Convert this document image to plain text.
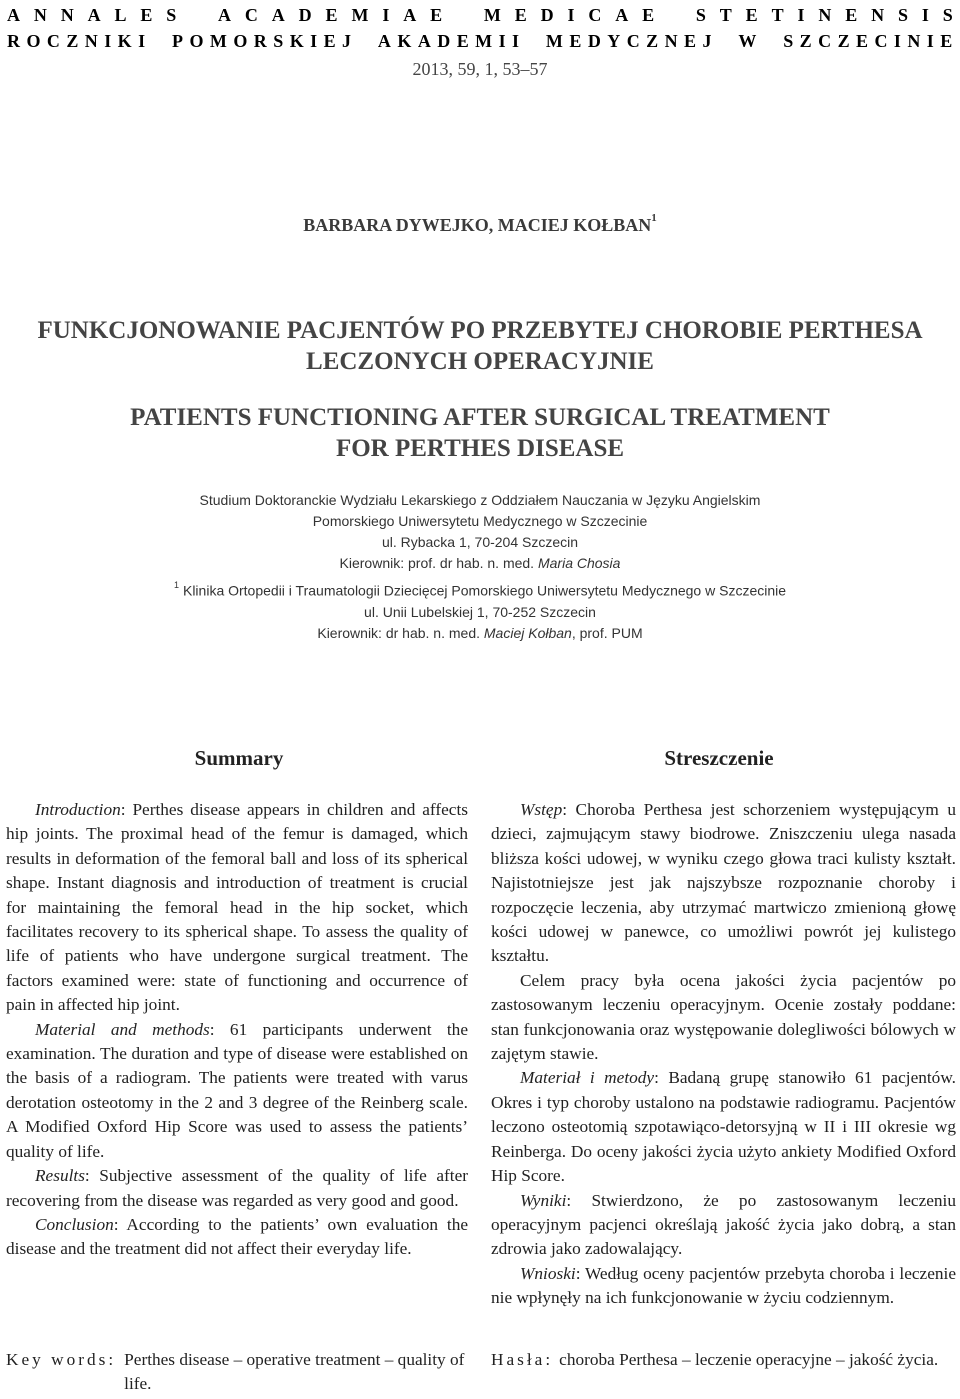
A N N A L E S
A C A D E M I A E
M E D I C A E
S T E T I N E N S I S
R O C Z N I K I
P O M O R S K I E J
A K A D E M I I
M E D Y C Z N E J
W
S Z C Z E C I N I E
2013, 59, 1, 53–57
BARBARA DYWEJKO, MACIEJ KOŁBAN$^1$
FUNKCJONOWANIE PACJENTÓW PO PRZEBYTEJ CHOROBIE PERTHESA
LECZONYCH OPERACYJNIE
PATIENTS FUNCTIONING AFTER SURGICAL TREATMENT
FOR PERTHES DISEASE
Studium Doktoranckie Wydziału Lekarskiego z Oddziałem Nauczania w Języku Angielskim
Pomorskiego Uniwersytetu Medycznego w Szczecinie
ul. Rybacka 1, 70-204 Szczecin
Kierownik: prof. dr hab. n. med. Maria Chosia
$^1$ Klinika Ortopedii i Traumatologii Dziecięcej Pomorskiego Uniwersytetu Medycznego w Szczecinie
ul. Unii Lubelskiej 1, 70-252 Szczecin
Kierownik: dr hab. n. med. Maciej Kołban, prof. PUM
Summary	Streszczenie

Introduction: Perthes disease appears in children and affects hip joints. The proximal head of the femur is damaged, which results in deformation of the femoral ball and loss of its spherical shape. Instant diagnosis and introduction of treatment is crucial for maintaining the femoral head in the hip socket, which facilitates recovery to its spherical shape. To assess the quality of life of patients who have undergone surgical treatment. The factors examined were: state of functioning and occurrence of pain in affected hip joint.

Material and methods: 61 participants underwent the examination. The duration and type of disease were established on the basis of a radiogram. The patients were treated with varus derotation osteotomy in the 2 and 3 degree of the Reinberg scale. A Modified Oxford Hip Score was used to assess the patients’ quality of life.

Results: Subjective assessment of the quality of life after recovering from the disease was regarded as very good and good.

Conclusion: According to the patients’ own evaluation the disease and the treatment did not affect their everyday life.

Wstęp: Choroba Perthesa jest schorzeniem występującym u dzieci, zajmującym stawy biodrowe. Zniszczeniu ulega nasada bliższa kości udowej, w wyniku czego głowa traci kulisty kształt. Najistotniejsze jest jak najszybsze rozpoznanie choroby i rozpoczęcie leczenia, aby utrzymać martwiczo zmienioną głowę kości udowej w panewce, co umożliwi powrót jej kulistego kształtu.

Celem pracy była ocena jakości życia pacjentów po zastosowanym leczeniu operacyjnym. Ocenie zostały poddane: stan funkcjonowania oraz występowanie dolegliwości bólowych w zajętym stawie.

Materiał i metody: Badaną grupę stanowiło 61 pacjentów. Okres i typ choroby ustalono na podstawie radiogramu. Pacjentów leczono osteotomią szpotawiąco-detorsyjną w II i III okresie wg Reinberga. Do oceny jakości życia użyto ankiety Modified Oxford Hip Score.

Wyniki: Stwierdzono, że po zastosowanym leczeniu operacyjnym pacjenci określają jakość życia jako dobrą, a stan zdrowia jako zadowalający.

Wnioski: Według oceny pacjentów przebyta choroba i leczenie nie wpłynęły na ich funkcjonowanie w życiu codziennym.

Key words: Perthes disease – operative treatment – quality of life.
Hasła: choroba Perthesa – leczenie operacyjne – jakość życia.
